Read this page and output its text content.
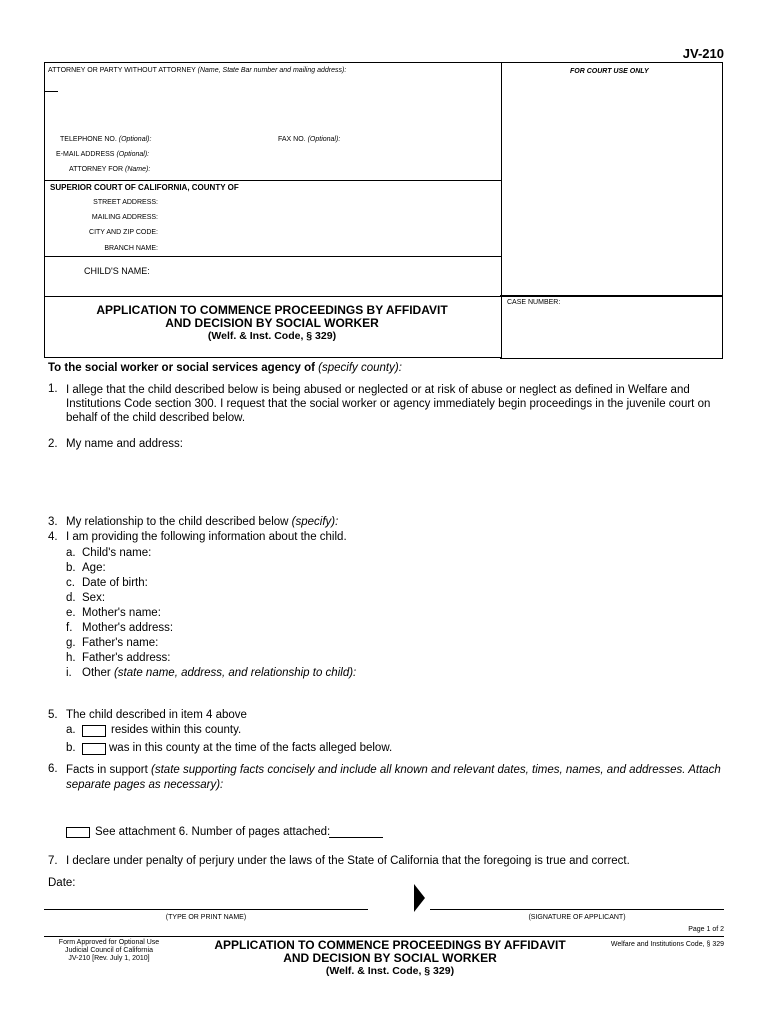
JV-210
ATTORNEY OR PARTY WITHOUT ATTORNEY (Name, State Bar number and mailing address):	FOR COURT USE ONLY
TELEPHONE NO. (Optional):	FAX NO. (Optional):
E-MAIL ADDRESS (Optional):
ATTORNEY FOR (Name):
SUPERIOR COURT OF CALIFORNIA, COUNTY OF
STREET ADDRESS:
MAILING ADDRESS:
CITY AND ZIP CODE:
BRANCH NAME:
CHILD'S NAME:
APPLICATION TO COMMENCE PROCEEDINGS BY AFFIDAVIT
AND DECISION BY SOCIAL WORKER
(Welf. & Inst. Code, § 329)
CASE NUMBER:
To the social worker or social services agency of (specify county):
1. I allege that the child described below is being abused or neglected or at risk of abuse or neglect as defined in Welfare and
Institutions Code section 300. I request that the social worker or agency immediately begin proceedings in the juvenile court on
behalf of the child described below.
2. My name and address:
3. My relationship to the child described below (specify):
4. I am providing the following information about the child.
a. Child's name:
b. Age:
c. Date of birth:
d. Sex:
e. Mother's name:
f. Mother's address:
g. Father's name:
h. Father's address:
i. Other (state name, address, and relationship to child):
5. The child described in item 4 above
a.	resides within this county.
b.	was in this county at the time of the facts alleged below.
6. Facts in support (state supporting facts concisely and include all known and relevant dates, times, names, and addresses. Attach
separate pages as necessary):
See attachment 6. Number of pages attached:
7. I declare under penalty of perjury under the laws of the State of California that the foregoing is true and correct.
Date:
(TYPE OR PRINT NAME)	(SIGNATURE OF APPLICANT)
Page 1 of 2
Form Approved for Optional Use
Judicial Council of California
JV-210 [Rev. July 1, 2010]
APPLICATION TO COMMENCE PROCEEDINGS BY AFFIDAVIT
AND DECISION BY SOCIAL WORKER
(Welf. & Inst. Code, § 329)
Welfare and Institutions Code, § 329
